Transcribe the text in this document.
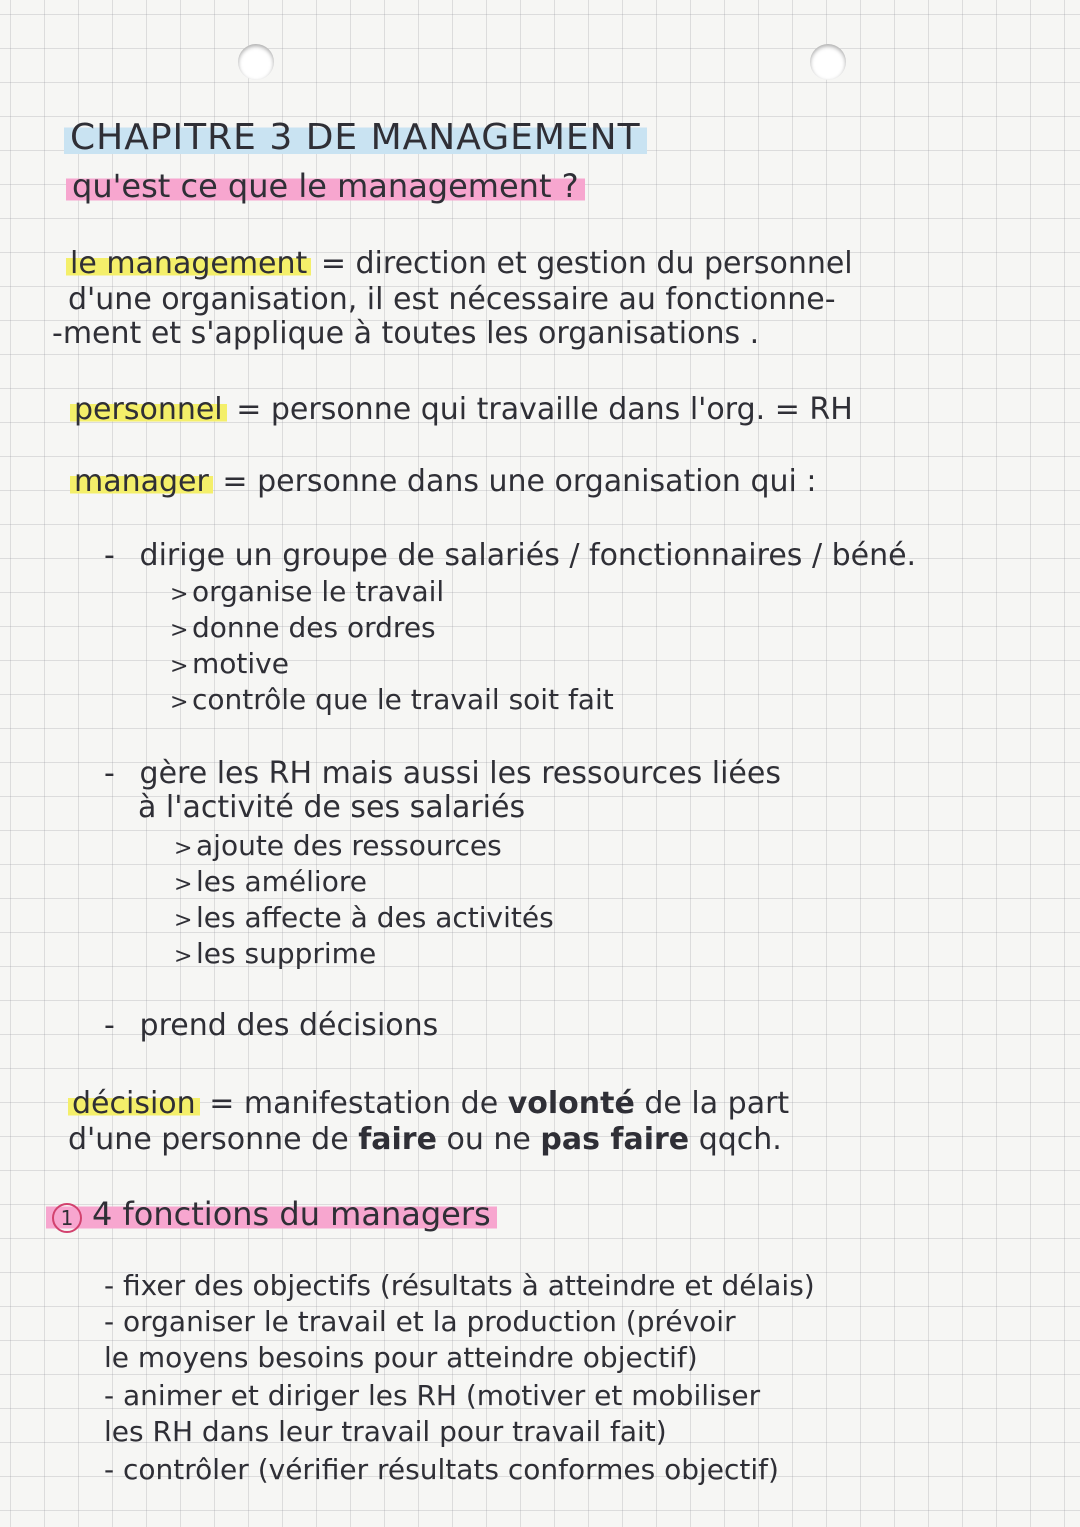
CHAPITRE 3 DE MANAGEMENT
qu'est ce que le management ?
le management = direction et gestion du personnel
d'une organisation, il est nécessaire au fonctionne-
-ment et s'applique à toutes les organisations .
personnel = personne qui travaille dans l'org. = RH
manager = personne dans une organisation qui :
- dirige un groupe de salariés / fonctionnaires / béné.
> organise le travail
> donne des ordres
> motive
> contrôle que le travail soit fait
- gère les RH mais aussi les ressources liées
à l'activité de ses salariés
> ajoute des ressources
> les améliore
> les affecte à des activités
> les supprime
- prend des décisions
décision = manifestation de volonté de la part
d'une personne de faire ou ne pas faire qqch.
1 4 fonctions du managers
- fixer des objectifs (résultats à atteindre et délais)
- organiser le travail et la production (prévoir
le moyens besoins pour atteindre objectif)
- animer et diriger les RH (motiver et mobiliser
les RH dans leur travail pour travail fait)
- contrôler (vérifier résultats conformes objectif)
